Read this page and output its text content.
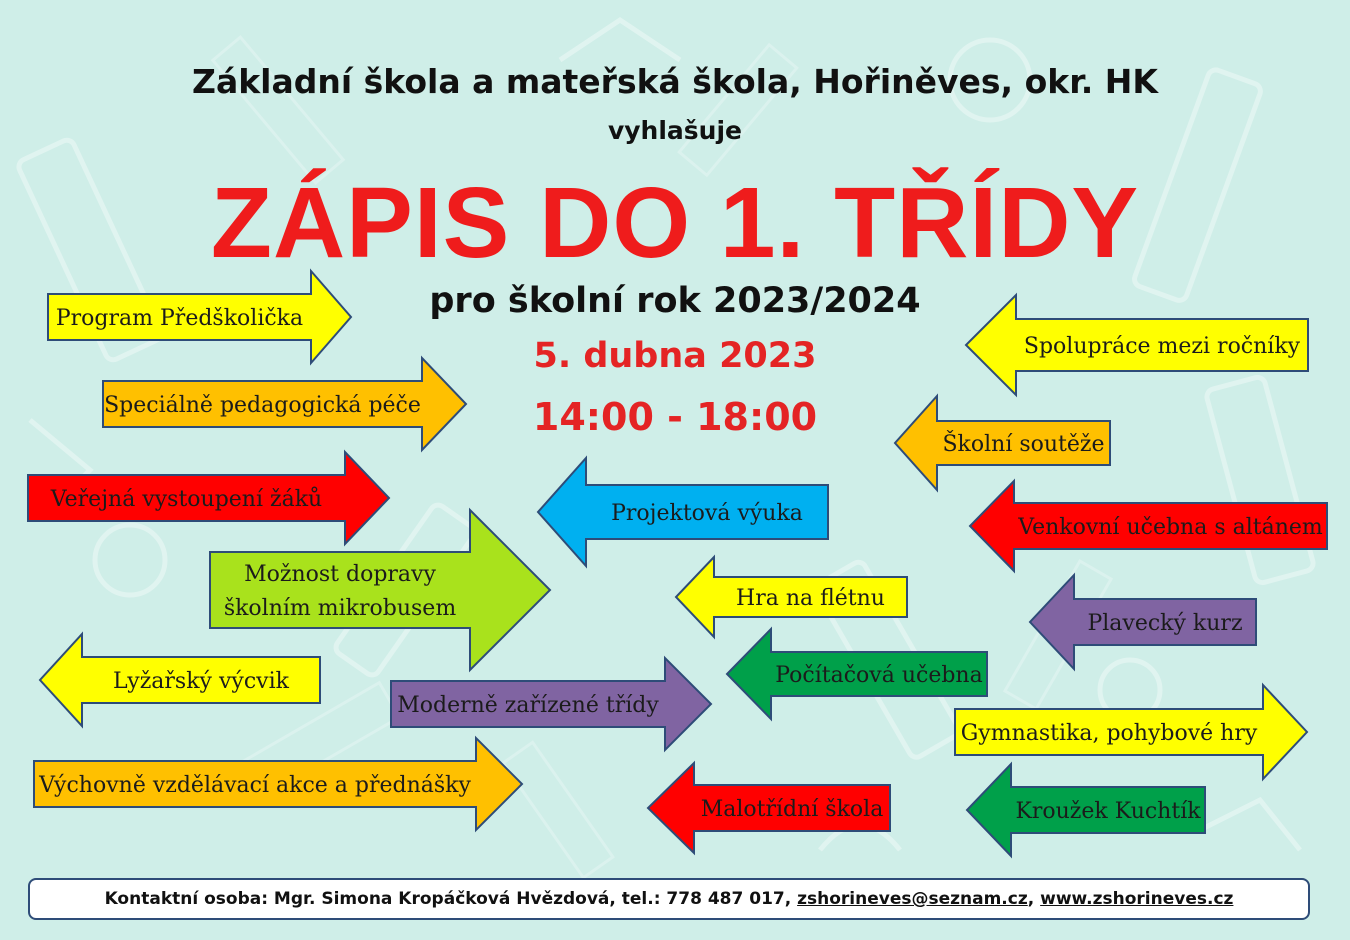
Základní škola a mateřská škola, Hořiněves, okr. HK
vyhlašuje
ZÁPIS DO 1. TŘÍDY
pro školní rok 2023/2024
5. dubna 2023
14:00 - 18:00
Program Předškolička
Speciálně pedagogická péče
Veřejná vystoupení žáků
Možnost dopravy
školním mikrobusem
Lyžařský výcvik
Moderně zařízené třídy
Výchovně vzdělávací akce a přednášky
Projektová výuka
Hra na flétnu
Počítačová učebna
Malotřídní škola
Spolupráce mezi ročníky
Školní soutěže
Venkovní učebna s altánem
Plavecký kurz
Gymnastika, pohybové hry
Kroužek Kuchtík
Kontaktní osoba: Mgr. Simona Kropáčková Hvězdová, tel.: 778 487 017, zshorineves@seznam.cz, www.zshorineves.cz
